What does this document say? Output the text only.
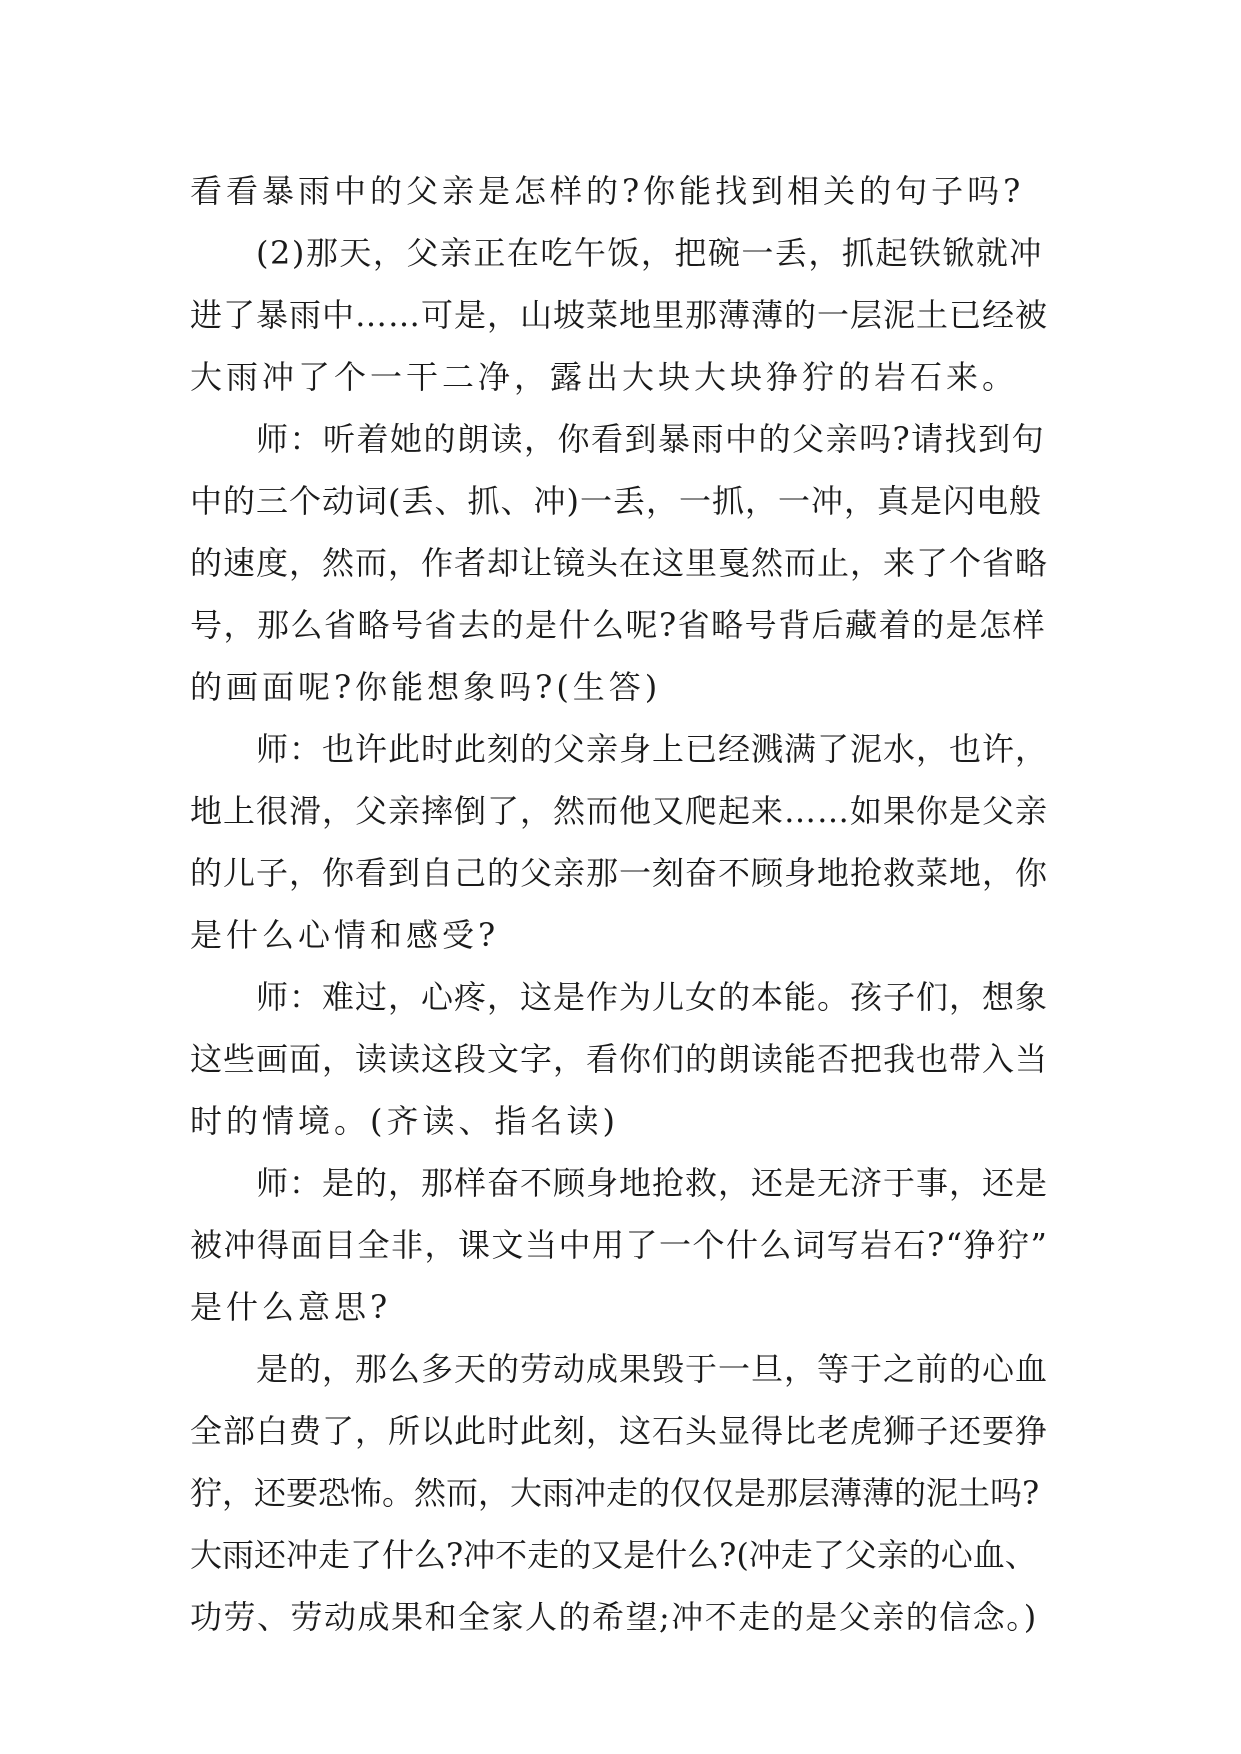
看看暴雨中的父亲是怎样的?你能找到相关的句子吗?
(2)那天，父亲正在吃午饭，把碗一丢，抓起铁锨就冲
进了暴雨中……可是，山坡菜地里那薄薄的一层泥土已经被
大雨冲了个一干二净，露出大块大块狰狞的岩石来。
师：听着她的朗读，你看到暴雨中的父亲吗?请找到句
中的三个动词(丢、抓、冲)一丢，一抓，一冲，真是闪电般
的速度，然而，作者却让镜头在这里戛然而止，来了个省略
号，那么省略号省去的是什么呢?省略号背后藏着的是怎样
的画面呢?你能想象吗?(生答)
师：也许此时此刻的父亲身上已经溅满了泥水，也许，
地上很滑，父亲摔倒了，然而他又爬起来……如果你是父亲
的儿子，你看到自己的父亲那一刻奋不顾身地抢救菜地，你
是什么心情和感受?
师：难过，心疼，这是作为儿女的本能。孩子们，想象
这些画面，读读这段文字，看你们的朗读能否把我也带入当
时的情境。(齐读、指名读)
师：是的，那样奋不顾身地抢救，还是无济于事，还是
被冲得面目全非，课文当中用了一个什么词写岩石?“狰狞”
是什么意思?
是的，那么多天的劳动成果毁于一旦，等于之前的心血
全部白费了，所以此时此刻，这石头显得比老虎狮子还要狰
狞，还要恐怖。然而，大雨冲走的仅仅是那层薄薄的泥土吗?
大雨还冲走了什么?冲不走的又是什么?(冲走了父亲的心血、
功劳、劳动成果和全家人的希望;冲不走的是父亲的信念。)
